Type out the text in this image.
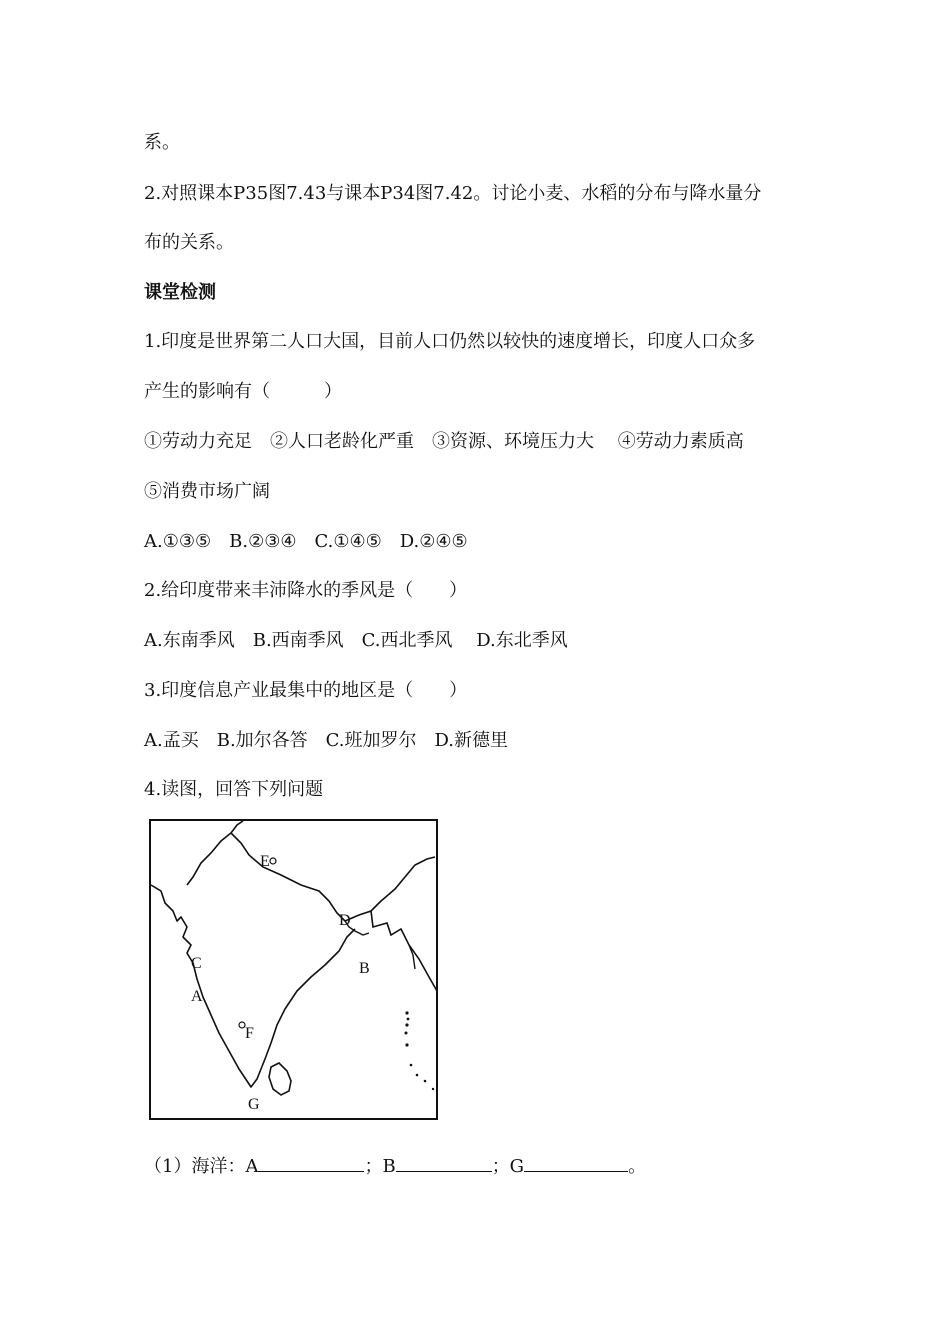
系。

2.对照课本P35图7.43与课本P34图7.42。讨论小麦、水稻的分布与降水量分

布的关系。

课堂检测

1.印度是世界第二人口大国，目前人口仍然以较快的速度增长，印度人口众多

产生的影响有（　　　）

①劳动力充足　②人口老龄化严重　③资源、环境压力大　 ④劳动力素质高

⑤消费市场广阔

A.①③⑤　B.②③④　C.①④⑤　D.②④⑤

2.给印度带来丰沛降水的季风是（　　）

A.东南季风　B.西南季风　C.西北季风　 D.东北季风

3.印度信息产业最集中的地区是（　　）

A.孟买　B.加尔各答　C.班加罗尔　D.新德里

4.读图，回答下列问题

E
D
C	B
A
F
G

（1）海洋：A	；B	；G	。
